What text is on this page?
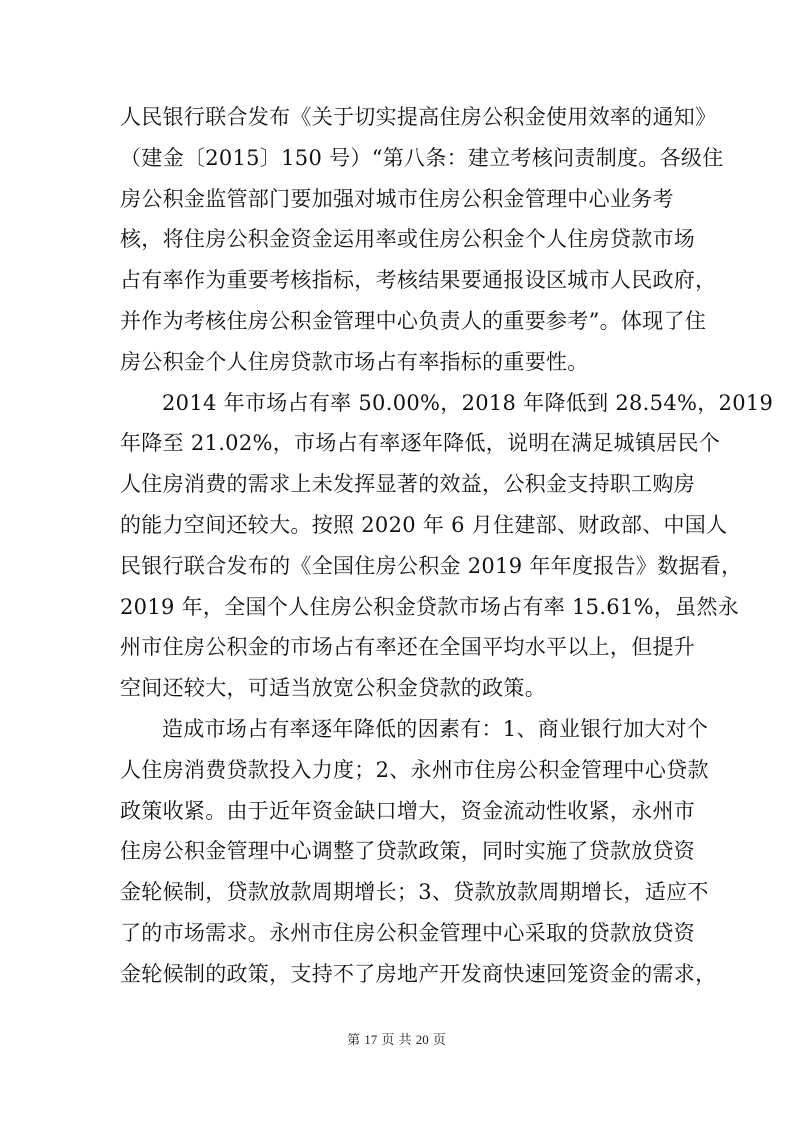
人民银行联合发布《关于切实提高住房公积金使用效率的通知》
（建金〔2015〕150 号）“第八条：建立考核问责制度。各级住
房公积金监管部门要加强对城市住房公积金管理中心业务考
核，将住房公积金资金运用率或住房公积金个人住房贷款市场
占有率作为重要考核指标，考核结果要通报设区城市人民政府，
并作为考核住房公积金管理中心负责人的重要参考”。体现了住
房公积金个人住房贷款市场占有率指标的重要性。
2014 年市场占有率 50.00%，2018 年降低到 28.54%，2019
年降至 21.02%，市场占有率逐年降低，说明在满足城镇居民个
人住房消费的需求上未发挥显著的效益，公积金支持职工购房
的能力空间还较大。按照 2020 年 6 月住建部、财政部、中国人
民银行联合发布的《全国住房公积金 2019 年年度报告》数据看，
2019 年，全国个人住房公积金贷款市场占有率 15.61%，虽然永
州市住房公积金的市场占有率还在全国平均水平以上，但提升
空间还较大，可适当放宽公积金贷款的政策。
造成市场占有率逐年降低的因素有：1、商业银行加大对个
人住房消费贷款投入力度；2、永州市住房公积金管理中心贷款
政策收紧。由于近年资金缺口增大，资金流动性收紧，永州市
住房公积金管理中心调整了贷款政策，同时实施了贷款放贷资
金轮候制，贷款放款周期增长；3、贷款放款周期增长，适应不
了的市场需求。永州市住房公积金管理中心采取的贷款放贷资
金轮候制的政策，支持不了房地产开发商快速回笼资金的需求，
第 17 页 共 20 页
